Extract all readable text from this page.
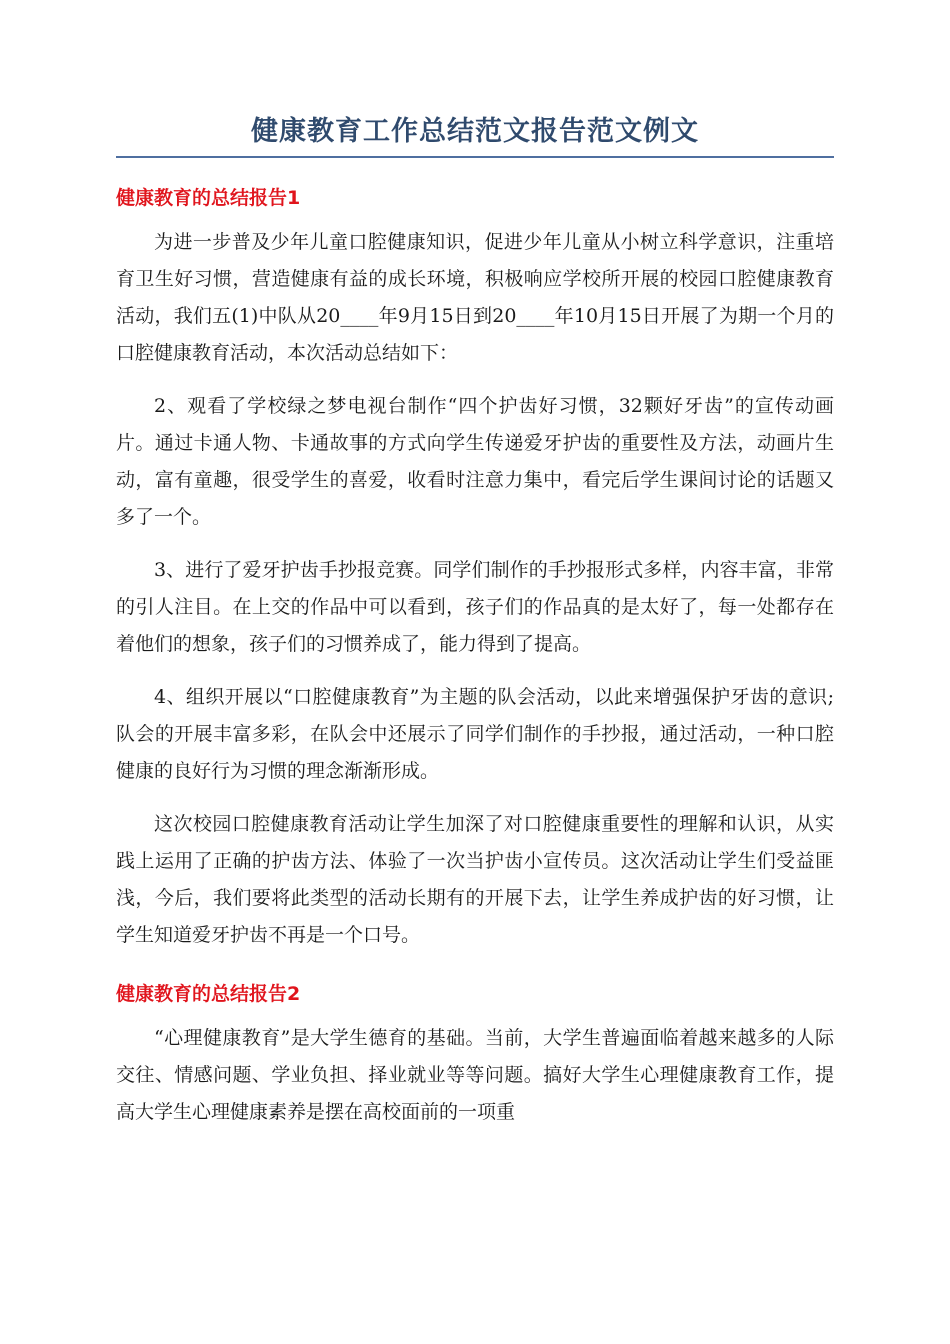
健康教育工作总结范文报告范文例文
健康教育的总结报告1

为进一步普及少年儿童口腔健康知识，促进少年儿童从小树立科学意识，注重培育卫生好习惯，营造健康有益的成长环境，积极响应学校所开展的校园口腔健康教育活动，我们五(1)中队从20____年9月15日到20____年10月15日开展了为期一个月的口腔健康教育活动，本次活动总结如下：

2、观看了学校绿之梦电视台制作“四个护齿好习惯，32颗好牙齿”的宣传动画片。通过卡通人物、卡通故事的方式向学生传递爱牙护齿的重要性及方法，动画片生动，富有童趣，很受学生的喜爱，收看时注意力集中，看完后学生课间讨论的话题又多了一个。

3、进行了爱牙护齿手抄报竞赛。同学们制作的手抄报形式多样，内容丰富，非常的引人注目。在上交的作品中可以看到，孩子们的作品真的是太好了，每一处都存在着他们的想象，孩子们的习惯养成了，能力得到了提高。

4、组织开展以“口腔健康教育”为主题的队会活动，以此来增强保护牙齿的意识;队会的开展丰富多彩，在队会中还展示了同学们制作的手抄报，通过活动，一种口腔健康的良好行为习惯的理念渐渐形成。

这次校园口腔健康教育活动让学生加深了对口腔健康重要性的理解和认识，从实践上运用了正确的护齿方法、体验了一次当护齿小宣传员。这次活动让学生们受益匪浅，今后，我们要将此类型的活动长期有的开展下去，让学生养成护齿的好习惯，让学生知道爱牙护齿不再是一个口号。

健康教育的总结报告2

“心理健康教育”是大学生德育的基础。当前，大学生普遍面临着越来越多的人际交往、情感问题、学业负担、择业就业等等问题。搞好大学生心理健康教育工作，提高大学生心理健康素养是摆在高校面前的一项重
